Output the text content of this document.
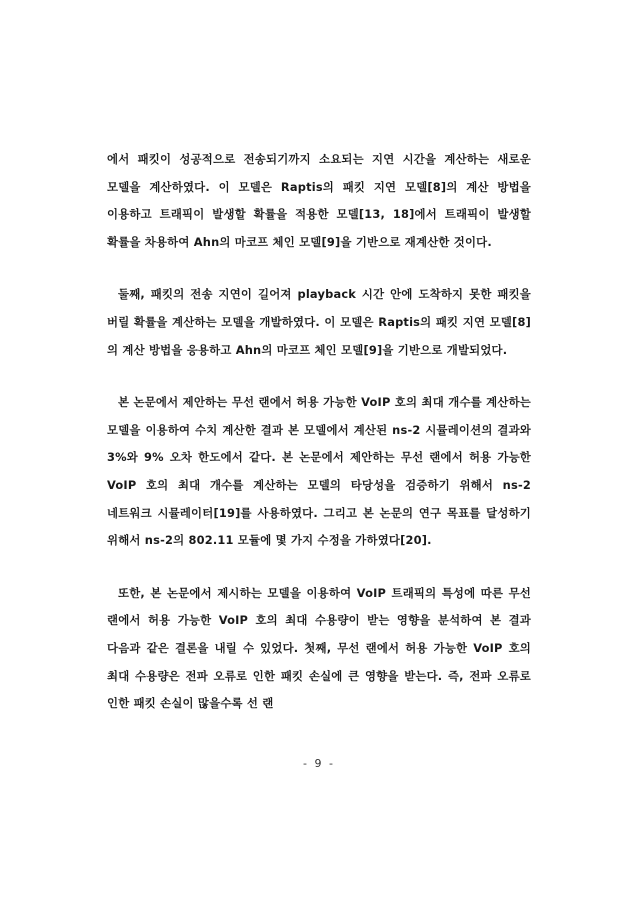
에서 패킷이 성공적으로 전송되기까지 소요되는 지연 시간을 계산하는 새로운 모델을 계산하였다. 이 모델은 Raptis의 패킷 지연 모델[8]의 계산 방법을 이용하고 트래픽이 발생할 확률을 적용한 모델[13, 18]에서 트래픽이 발생할 확률을 차용하여 Ahn의 마코프 체인 모델[9]을 기반으로 재계산한 것이다.

둘째, 패킷의 전송 지연이 길어져 playback 시간 안에 도착하지 못한 패킷을 버릴 확률을 계산하는 모델을 개발하였다. 이 모델은 Raptis의 패킷 지연 모델[8]의 계산 방법을 응용하고 Ahn의 마코프 체인 모델[9]을 기반으로 개발되었다.

본 논문에서 제안하는 무선 랜에서 허용 가능한 VoIP 호의 최대 개수를 계산하는 모델을 이용하여 수치 계산한 결과 본 모델에서 계산된 ns-2 시뮬레이션의 결과와 3%와 9% 오차 한도에서 같다. 본 논문에서 제안하는 무선 랜에서 허용 가능한 VoIP 호의 최대 개수를 계산하는 모델의 타당성을 검증하기 위해서 ns-2 네트워크 시뮬레이터[19]를 사용하였다. 그리고 본 논문의 연구 목표를 달성하기 위해서 ns-2의 802.11 모듈에 몇 가지 수정을 가하였다[20].

또한, 본 논문에서 제시하는 모델을 이용하여 VoIP 트래픽의 특성에 따른 무선 랜에서 허용 가능한 VoIP 호의 최대 수용량이 받는 영향을 분석하여 본 결과 다음과 같은 결론을 내릴 수 있었다. 첫째, 무선 랜에서 허용 가능한 VoIP 호의 최대 수용량은 전파 오류로 인한 패킷 손실에 큰 영향을 받는다. 즉, 전파 오류로 인한 패킷 손실이 많을수록 선 랜

- 9 -
